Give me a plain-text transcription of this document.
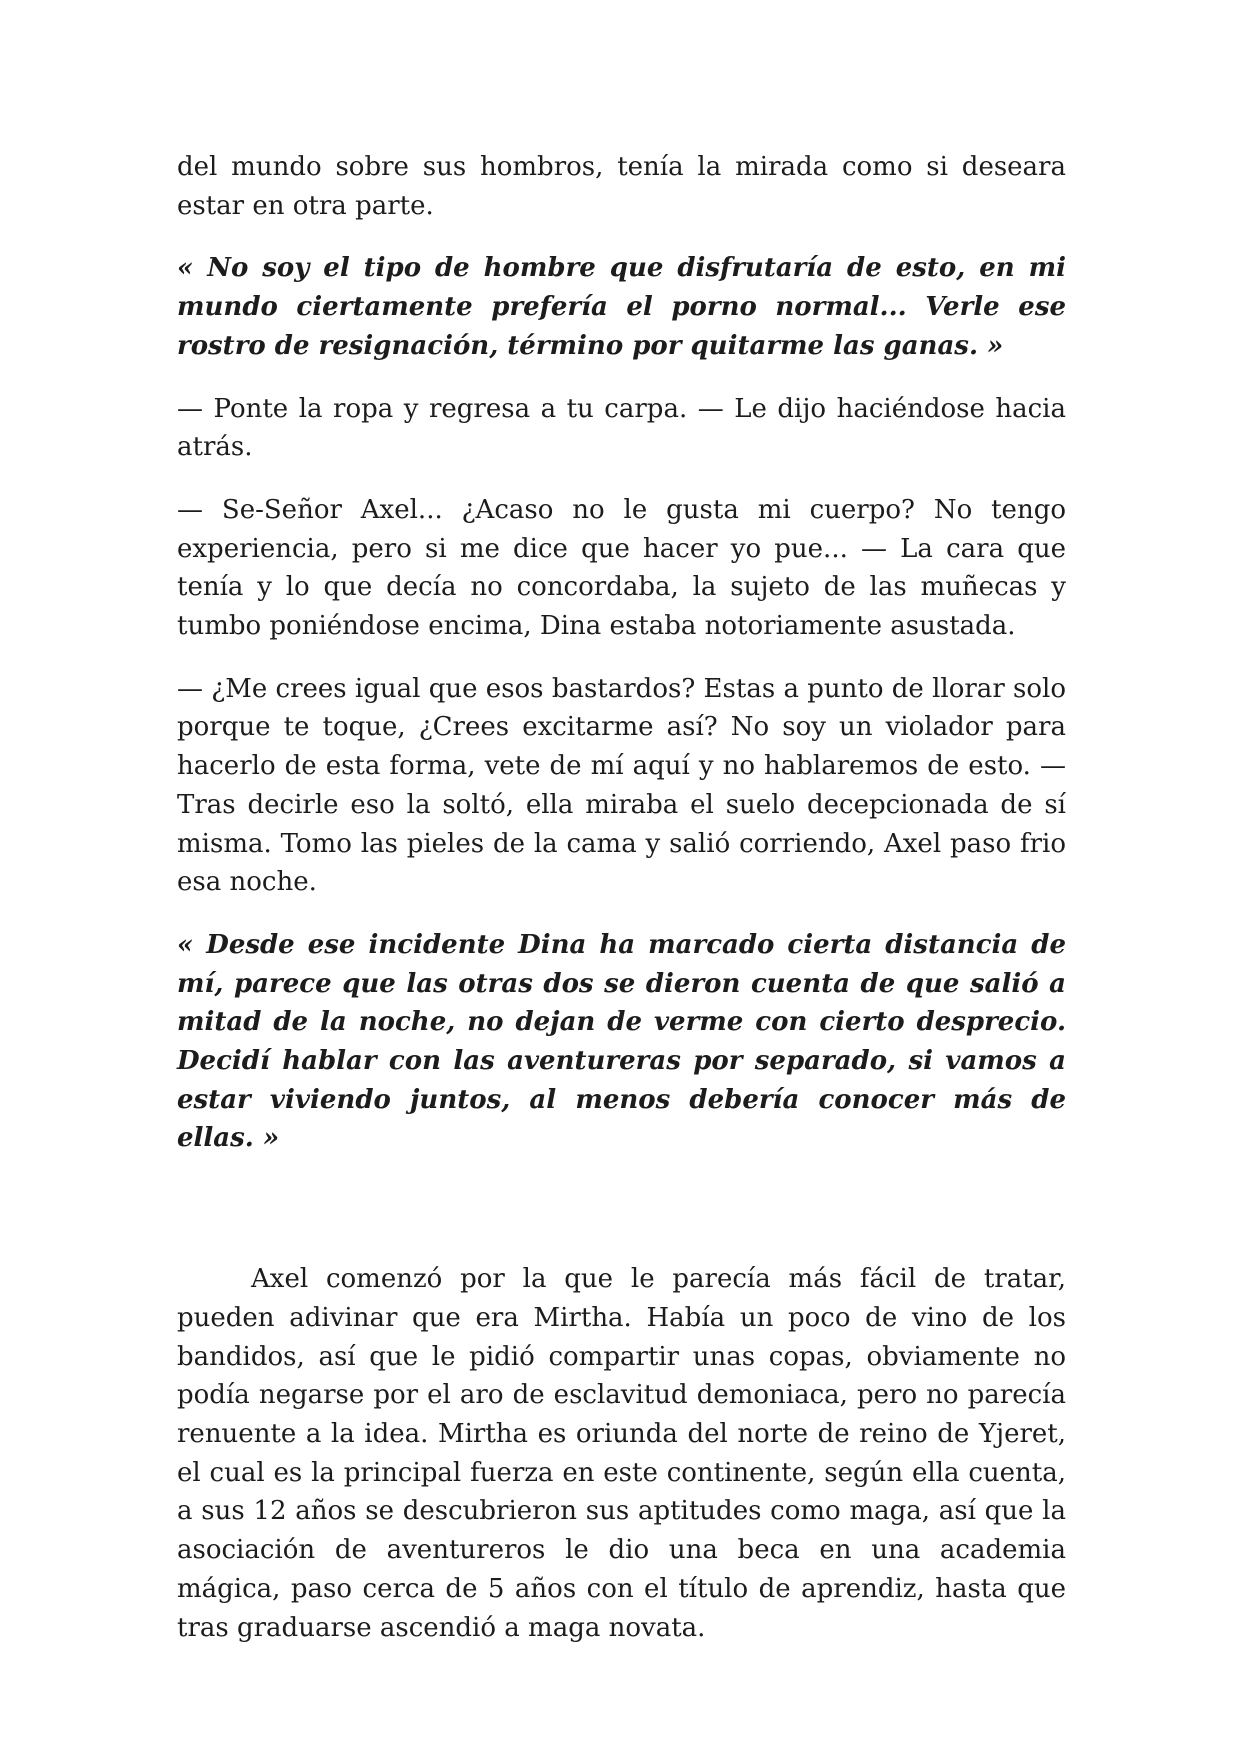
del mundo sobre sus hombros, tenía la mirada como si deseara estar en otra parte.

« No soy el tipo de hombre que disfrutaría de esto, en mi mundo ciertamente prefería el porno normal... Verle ese rostro de resignación, término por quitarme las ganas. »

— Ponte la ropa y regresa a tu carpa. — Le dijo haciéndose hacia atrás.

— Se-Señor Axel... ¿Acaso no le gusta mi cuerpo? No tengo experiencia, pero si me dice que hacer yo pue... — La cara que tenía y lo que decía no concordaba, la sujeto de las muñecas y tumbo poniéndose encima, Dina estaba notoriamente asustada.

— ¿Me crees igual que esos bastardos? Estas a punto de llorar solo porque te toque, ¿Crees excitarme así? No soy un violador para hacerlo de esta forma, vete de mí aquí y no hablaremos de esto. — Tras decirle eso la soltó, ella miraba el suelo decepcionada de sí misma. Tomo las pieles de la cama y salió corriendo, Axel paso frio esa noche.

« Desde ese incidente Dina ha marcado cierta distancia de mí, parece que las otras dos se dieron cuenta de que salió a mitad de la noche, no dejan de verme con cierto desprecio. Decidí hablar con las aventureras por separado, si vamos a estar viviendo juntos, al menos debería conocer más de ellas. »

Axel comenzó por la que le parecía más fácil de tratar, pueden adivinar que era Mirtha. Había un poco de vino de los bandidos, así que le pidió compartir unas copas, obviamente no podía negarse por el aro de esclavitud demoniaca, pero no parecía renuente a la idea. Mirtha es oriunda del norte de reino de Yjeret, el cual es la principal fuerza en este continente, según ella cuenta, a sus 12 años se descubrieron sus aptitudes como maga, así que la asociación de aventureros le dio una beca en una academia mágica, paso cerca de 5 años con el título de aprendiz, hasta que tras graduarse ascendió a maga novata.
